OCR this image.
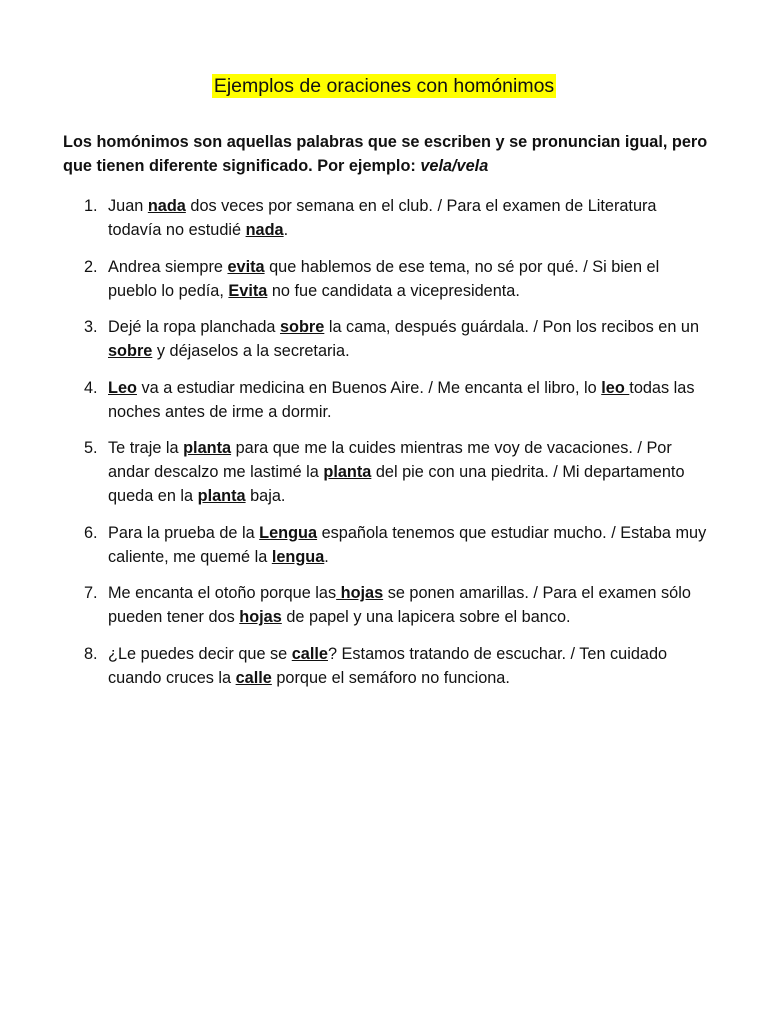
Ejemplos de oraciones con homónimos

Los homónimos son aquellas palabras que se escriben y se pronuncian igual, pero que tienen diferente significado. Por ejemplo: vela/vela

1. Juan nada dos veces por semana en el club. / Para el examen de Literatura todavía no estudié nada.
2. Andrea siempre evita que hablemos de ese tema, no sé por qué. / Si bien el pueblo lo pedía, Evita no fue candidata a vicepresidenta.
3. Dejé la ropa planchada sobre la cama, después guárdala. / Pon los recibos en un sobre y déjaselos a la secretaria.
4. Leo va a estudiar medicina en Buenos Aire. / Me encanta el libro, lo leo todas las noches antes de irme a dormir.
5. Te traje la planta para que me la cuides mientras me voy de vacaciones. / Por andar descalzo me lastimé la planta del pie con una piedrita. / Mi departamento queda en la planta baja.
6. Para la prueba de la Lengua española tenemos que estudiar mucho. / Estaba muy caliente, me quemé la lengua.
7. Me encanta el otoño porque las hojas se ponen amarillas. / Para el examen sólo pueden tener dos hojas de papel y una lapicera sobre el banco.
8. ¿Le puedes decir que se calle? Estamos tratando de escuchar. / Ten cuidado cuando cruces la calle porque el semáforo no funciona.
